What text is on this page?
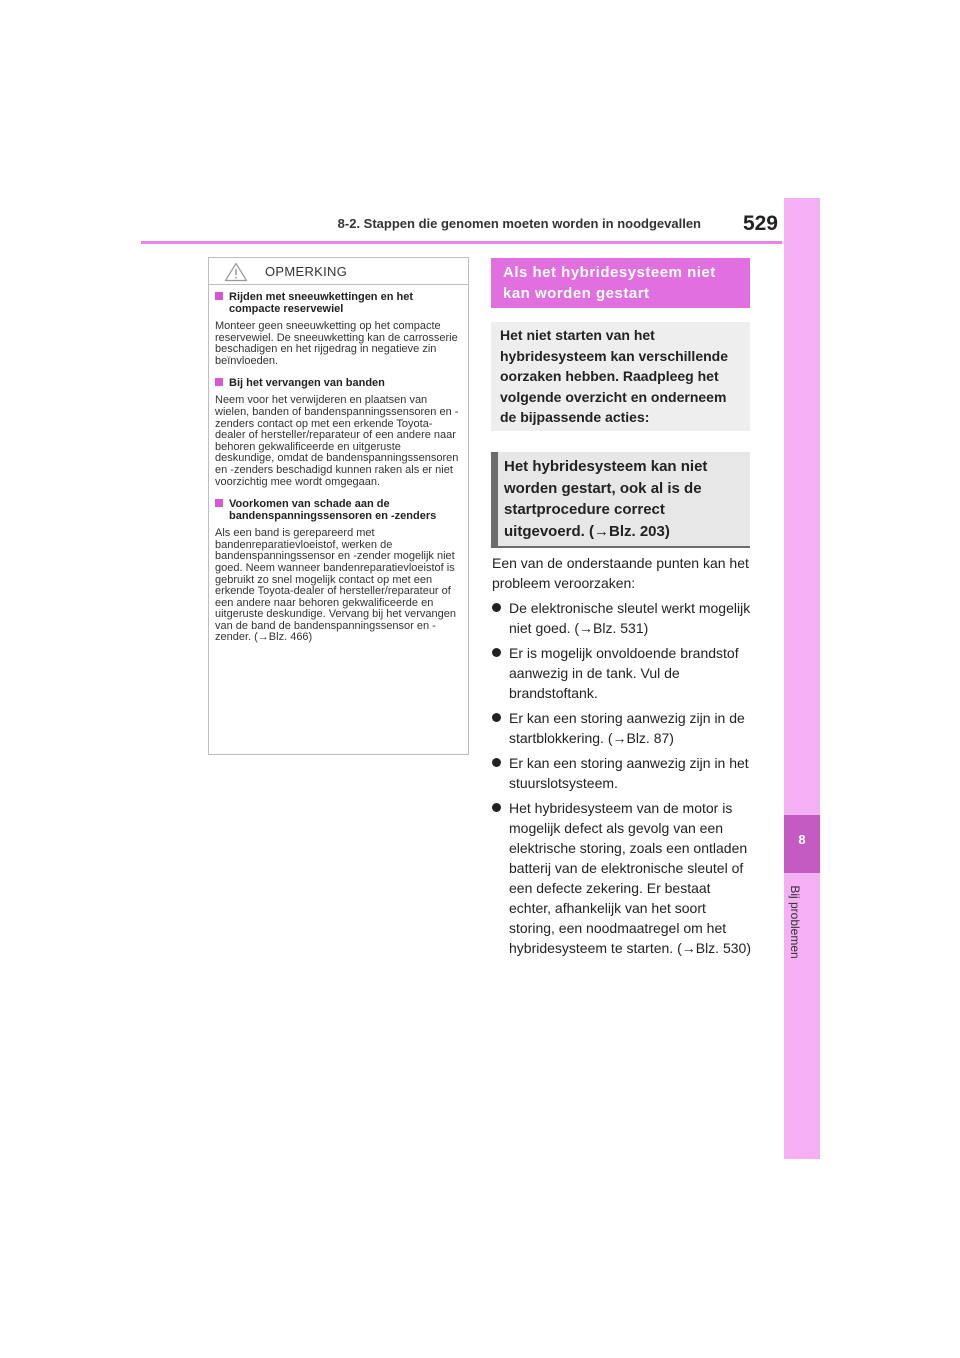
8-2. Stappen die genomen moeten worden in noodgevallen	529
8
Bij problemen
OPMERKING
Rijden met sneeuwkettingen en het compacte reservewiel
Monteer geen sneeuwketting op het compacte reservewiel. De sneeuwketting kan de carrosserie beschadigen en het rijgedrag in negatieve zin beïnvloeden.
Bij het vervangen van banden
Neem voor het verwijderen en plaatsen van wielen, banden of bandenspanningssensoren en -zenders contact op met een erkende Toyota-dealer of hersteller/reparateur of een andere naar behoren gekwalificeerde en uitgeruste deskundige, omdat de bandenspanningssensoren en -zenders beschadigd kunnen raken als er niet voorzichtig mee wordt omgegaan.
Voorkomen van schade aan de bandenspanningssensoren en -zenders
Als een band is gerepareerd met bandenreparatievloeistof, werken de bandenspanningssensor en -zender mogelijk niet goed. Neem wanneer bandenreparatievloeistof is gebruikt zo snel mogelijk contact op met een erkende Toyota-dealer of hersteller/reparateur of een andere naar behoren gekwalificeerde en uitgeruste deskundige. Vervang bij het vervangen van de band de bandenspanningssensor en -zender. (→Blz. 466)
Als het hybridesysteem niet kan worden gestart
Het niet starten van het hybridesysteem kan verschillende oorzaken hebben. Raadpleeg het volgende overzicht en onderneem de bijpassende acties:
Het hybridesysteem kan niet worden gestart, ook al is de startprocedure correct uitgevoerd. (→Blz. 203)

Een van de onderstaande punten kan het probleem veroorzaken:

De elektronische sleutel werkt mogelijk niet goed. (→Blz. 531)
Er is mogelijk onvoldoende brandstof aanwezig in de tank. Vul de brandstoftank.
Er kan een storing aanwezig zijn in de startblokkering. (→Blz. 87)
Er kan een storing aanwezig zijn in het stuurslotsysteem.
Het hybridesysteem van de motor is mogelijk defect als gevolg van een elektrische storing, zoals een ontladen batterij van de elektronische sleutel of een defecte zekering. Er bestaat echter, afhankelijk van het soort storing, een noodmaatregel om het hybridesysteem te starten. (→Blz. 530)
